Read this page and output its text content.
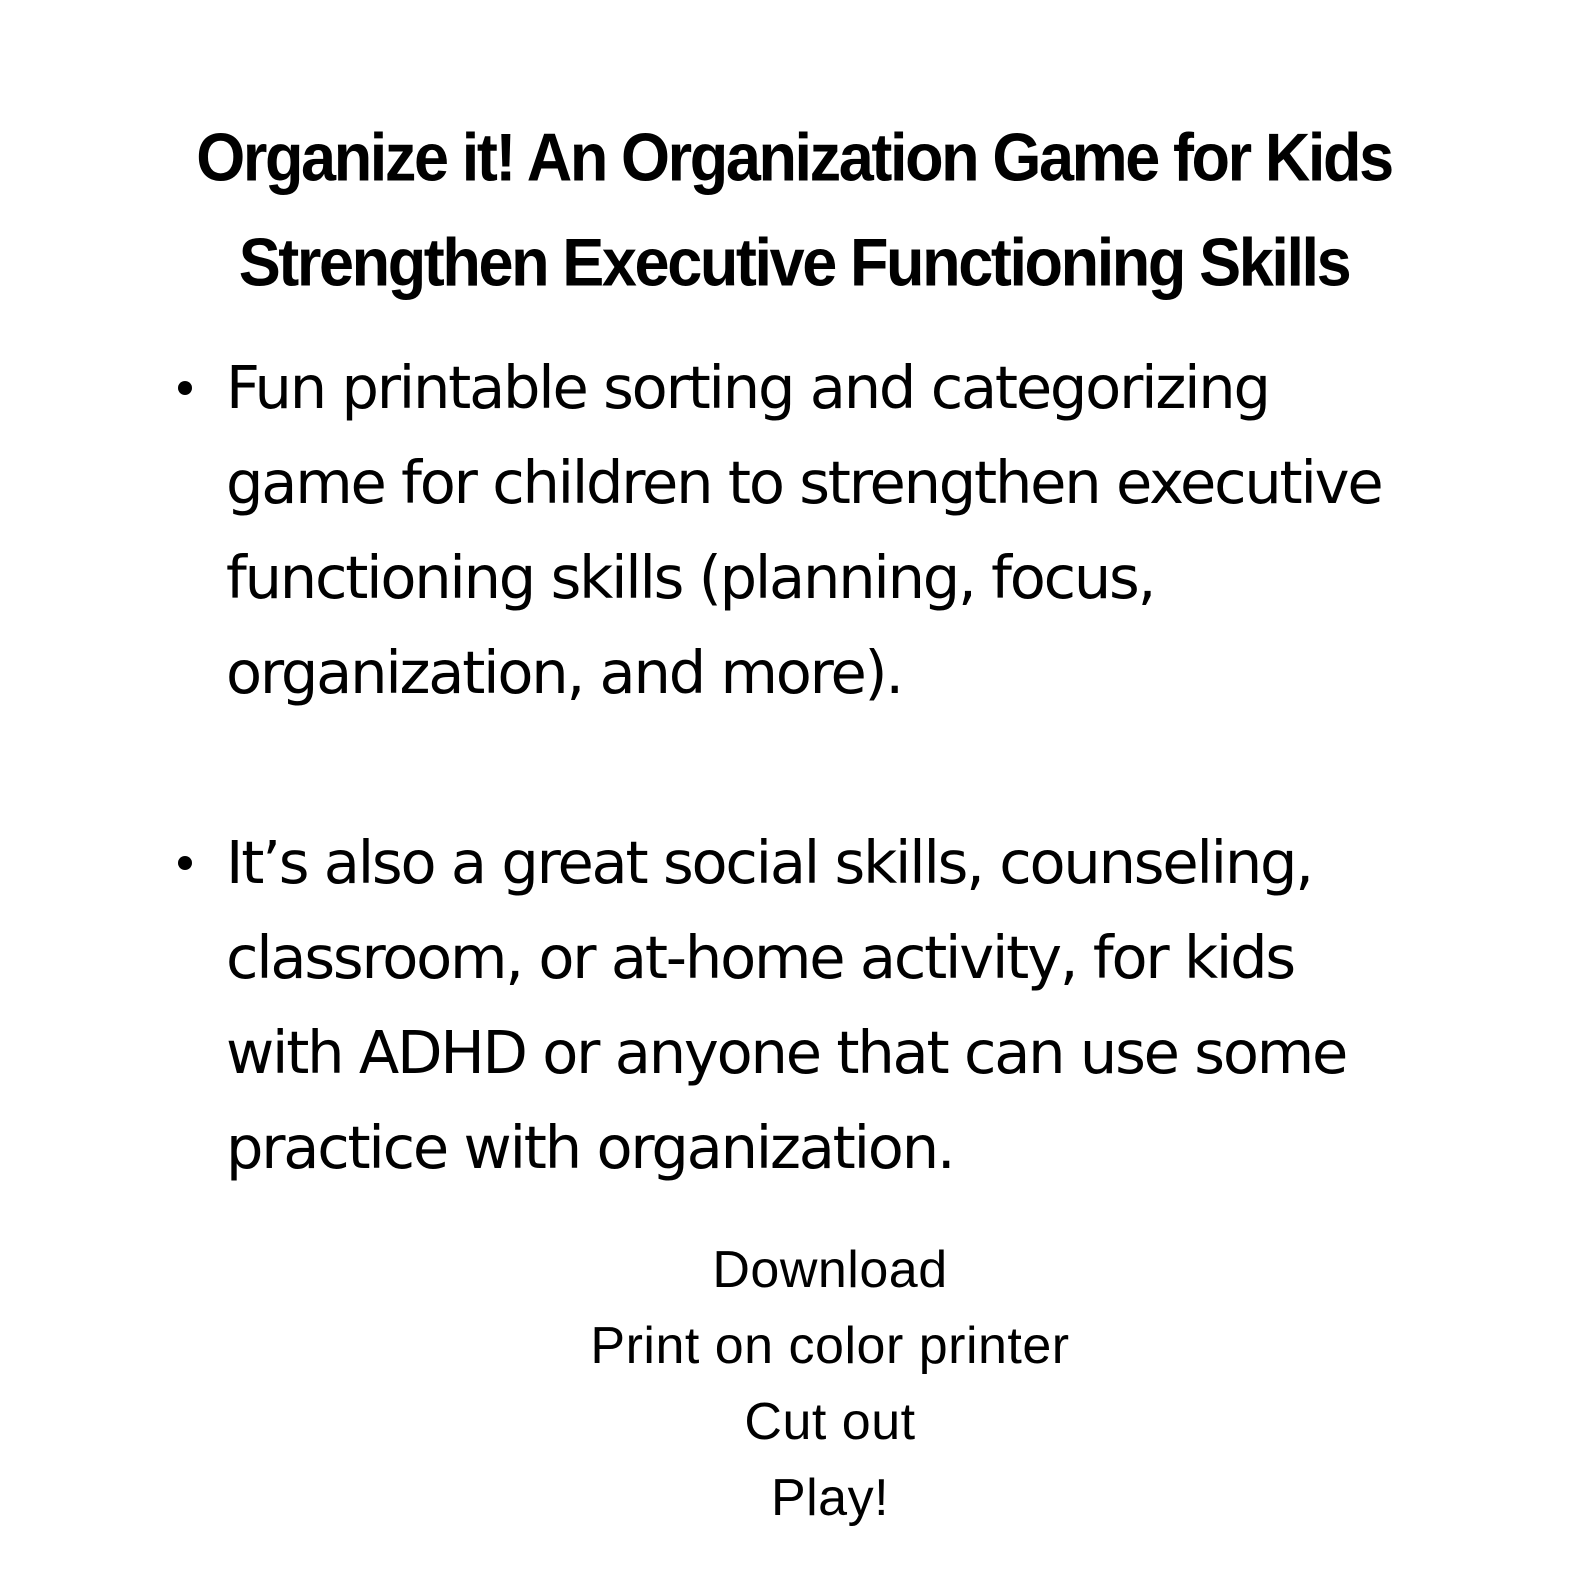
Organize it! An Organization Game for Kids
Strengthen Executive Functioning Skills
Fun printable sorting and categorizing
game for children to strengthen executive
functioning skills (planning, focus,
organization, and more).
It’s also a great social skills, counseling,
classroom, or at-home activity, for kids
with ADHD or anyone that can use some
practice with organization.
Download
Print on color printer
Cut out
Play!
